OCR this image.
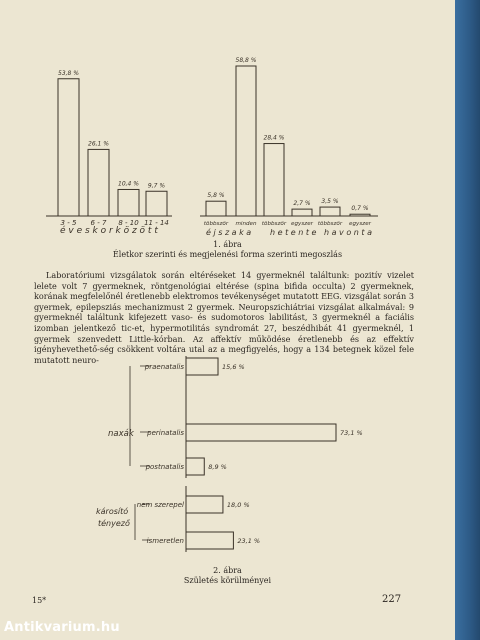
53,8 %
3 - 5
26,1 %
6 - 7
10,4 %
8 - 10
9,7 %
11 - 14
é v e s k o r k ö z ö t t
5,8 %
többször
58,8 %
minden
28,4 %
többször
2,7 %
egyszer
3,5 %
többször
0,7 %
egyszer
é j s z a k a h e t e n t e h a v o n t a
praenatalis	15,6 %
perinatalis	73,1 %
postnatalis	8,9 %
nem szerepel	18,0 %
ismeretlen	23,1 %
naxák
károsító
tényező
1. ábra
Életkor szerinti és megjelenési forma szerinti megoszlás
Laboratóriumi vizsgálatok során eltéréseket 14 gyermeknél találtunk: pozitív vizelet lelete volt 7 gyermeknek, röntgenológiai eltérése (spina bifida occulta) 2 gyermeknek, korának megfelelőnél éretlenebb elektromos tevékenységet mutatott EEG. vizsgálat során 3 gyermek, epilepsziás mechanizmust 2 gyermek. Neuropszichiátriai vizsgálat alkalmával: 9 gyermeknél találtunk kifejezett vaso- és sudomotoros labilitást, 3 gyermeknél a faciális izomban jelentkező tic-et, hypermotilitás syndromát 27, beszédhibát 41 gyermeknél, 1 gyermek szenvedett Little-kórban. Az affektív működése éretlenebb és az effektív igényhevethető-ség csökkent voltára utal az a megfigyelés, hogy a 134 betegnek közel fele mutatott neuro-
2. ábra
Születés körülményei
15*	227
Antikvarium.hu
